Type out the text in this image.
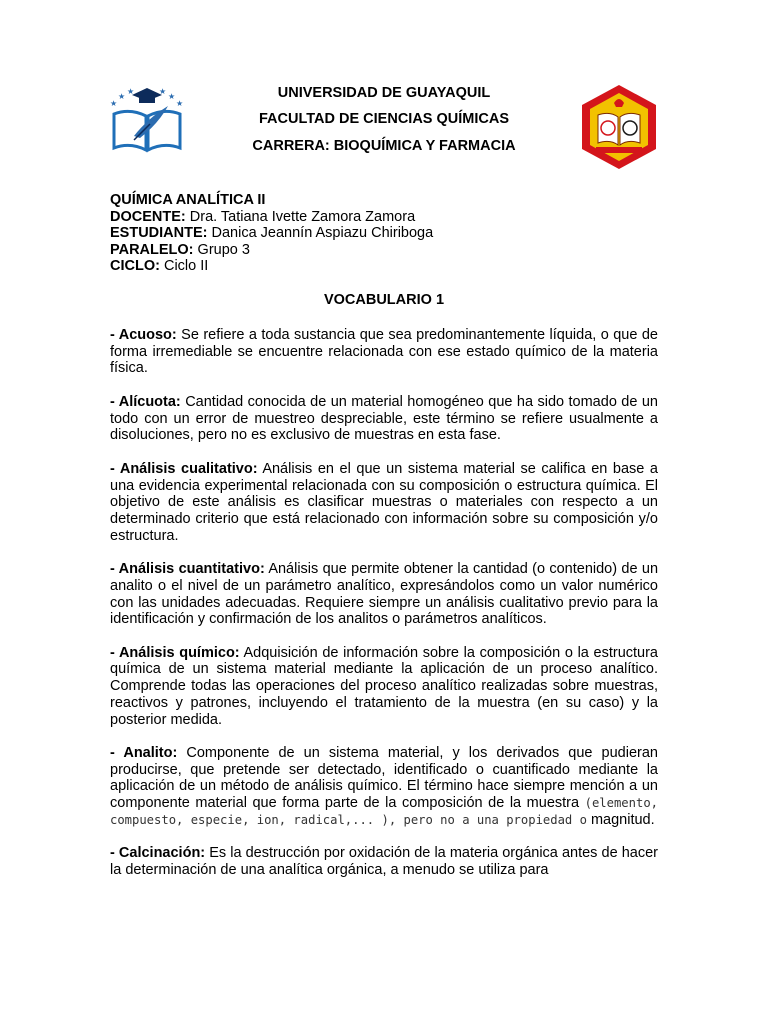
★
★
★	★
★
★
UNIVERSIDAD DE GUAYAQUIL
FACULTAD DE CIENCIAS QUÍMICAS
CARRERA: BIOQUÍMICA Y FARMACIA
QUÍMICA ANALÍTICA II
DOCENTE: Dra. Tatiana Ivette Zamora Zamora
ESTUDIANTE: Danica Jeannín Aspiazu Chiriboga
PARALELO: Grupo 3
CICLO: Ciclo II
VOCABULARIO 1

- Acuoso: Se refiere a toda sustancia que sea predominantemente líquida, o que de forma irremediable se encuentre relacionada con ese estado químico de la materia física.

- Alícuota: Cantidad conocida de un material homogéneo que ha sido tomado de un todo con un error de muestreo despreciable, este término se refiere usualmente a disoluciones, pero no es exclusivo de muestras en esta fase.

- Análisis cualitativo: Análisis en el que un sistema material se califica en base a una evidencia experimental relacionada con su composición o estructura química. El objetivo de este análisis es clasificar muestras o materiales con respecto a un determinado criterio que está relacionado con información sobre su composición y/o estructura.

- Análisis cuantitativo: Análisis que permite obtener la cantidad (o contenido) de un analito o el nivel de un parámetro analítico, expresándolos como un valor numérico con las unidades adecuadas. Requiere siempre un análisis cualitativo previo para la identificación y confirmación de los analitos o parámetros analíticos.

- Análisis químico: Adquisición de información sobre la composición o la estructura química de un sistema material mediante la aplicación de un proceso analítico. Comprende todas las operaciones del proceso analítico realizadas sobre muestras, reactivos y patrones, incluyendo el tratamiento de la muestra (en su caso) y la posterior medida.

- Analito: Componente de un sistema material, y los derivados que pudieran producirse, que pretende ser detectado, identificado o cuantificado mediante la aplicación de un método de análisis químico. El término hace siempre mención a un componente material que forma parte de la composición de la muestra (elemento, compuesto, especie, ion, radical,... ), pero no a una propiedad o magnitud.

- Calcinación: Es la destrucción por oxidación de la materia orgánica antes de hacer la determinación de una analítica orgánica, a menudo se utiliza para
